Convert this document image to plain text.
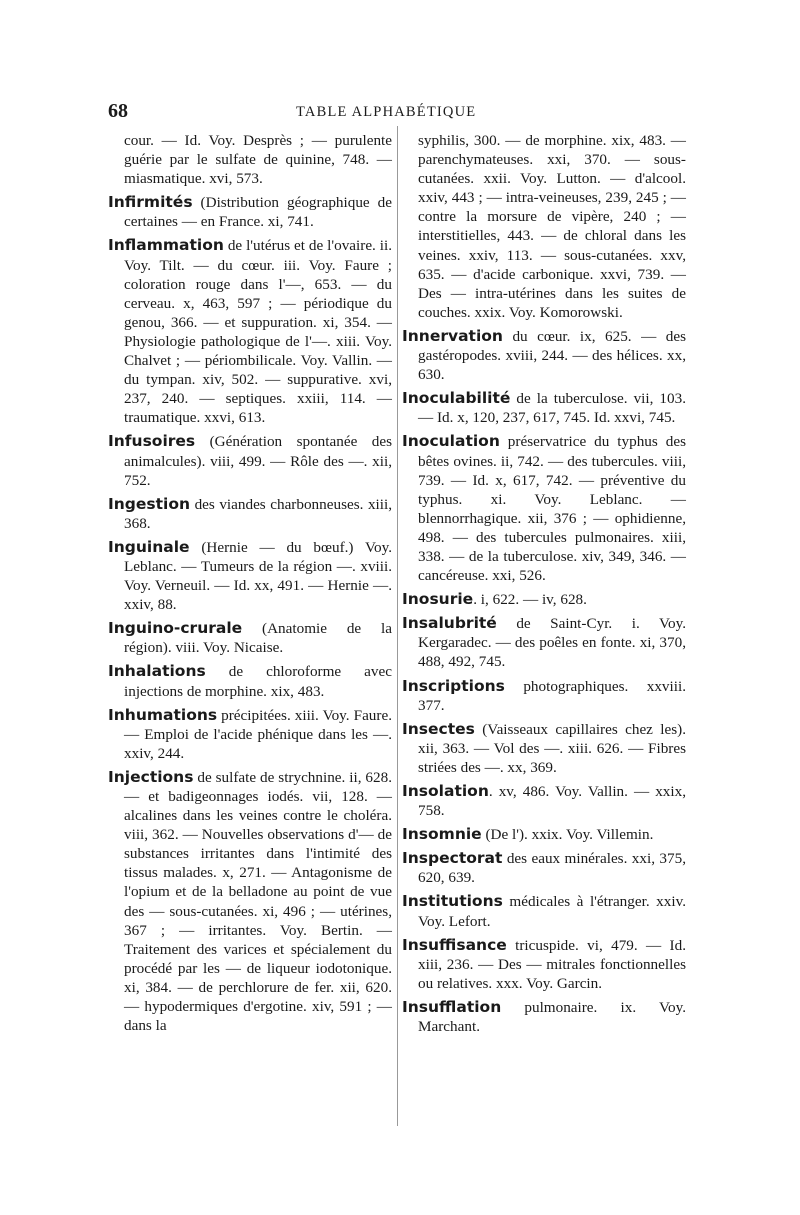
68	TABLE ALPHABÉTIQUE

cour. — Id. Voy. Desprès ; — purulente guérie par le sulfate de quinine, 748. — miasmatique. xvi, 573.

Infirmités (Distribution géographique de certaines — en France. xi, 741.

Inflammation de l'utérus et de l'ovaire. ii. Voy. Tilt. — du cœur. iii. Voy. Faure ; coloration rouge dans l'—, 653. — du cerveau. x, 463, 597 ; — périodique du genou, 366. — et suppuration. xi, 354. — Physiologie pathologique de l'—. xiii. Voy. Chalvet ; — périombilicale. Voy. Vallin. — du tympan. xiv, 502. — suppurative. xvi, 237, 240. — septiques. xxiii, 114. — traumatique. xxvi, 613.

Infusoires (Génération spontanée des animalcules). viii, 499. — Rôle des —. xii, 752.

Ingestion des viandes charbonneuses. xiii, 368.

Inguinale (Hernie — du bœuf.) Voy. Leblanc. — Tumeurs de la région —. xviii. Voy. Verneuil. — Id. xx, 491. — Hernie —. xxiv, 88.

Inguino-crurale (Anatomie de la région). viii. Voy. Nicaise.

Inhalations de chloroforme avec injections de morphine. xix, 483.

Inhumations précipitées. xiii. Voy. Faure. — Emploi de l'acide phénique dans les —. xxiv, 244.

Injections de sulfate de strychnine. ii, 628. — et badigeonnages iodés. vii, 128. — alcalines dans les veines contre le choléra. viii, 362. — Nouvelles observations d'— de substances irritantes dans l'intimité des tissus malades. x, 271. — Antagonisme de l'opium et de la belladone au point de vue des — sous-cutanées. xi, 496 ; — utérines, 367 ; — irritantes. Voy. Bertin. — Traitement des varices et spécialement du procédé par les — de liqueur iodotonique. xi, 384. — de perchlorure de fer. xii, 620. — hypodermiques d'ergotine. xiv, 591 ; — dans la

syphilis, 300. — de morphine. xix, 483. — parenchymateuses. xxi, 370. — sous-cutanées. xxii. Voy. Lutton. — d'alcool. xxiv, 443 ; — intra-veineuses, 239, 245 ; — contre la morsure de vipère, 240 ; — interstitielles, 443. — de chloral dans les veines. xxiv, 113. — sous-cutanées. xxv, 635. — d'acide carbonique. xxvi, 739. — Des — intra-utérines dans les suites de couches. xxix. Voy. Komorowski.

Innervation du cœur. ix, 625. — des gastéropodes. xviii, 244. — des hélices. xx, 630.

Inoculabilité de la tuberculose. vii, 103. — Id. x, 120, 237, 617, 745. Id. xxvi, 745.

Inoculation préservatrice du typhus des bêtes ovines. ii, 742. — des tubercules. viii, 739. — Id. x, 617, 742. — préventive du typhus. xi. Voy. Leblanc. — blennorrhagique. xii, 376 ; — ophidienne, 498. — des tubercules pulmonaires. xiii, 338. — de la tuberculose. xiv, 349, 346. — cancéreuse. xxi, 526.

Inosurie. i, 622. — iv, 628.

Insalubrité de Saint-Cyr. i. Voy. Kergaradec. — des poêles en fonte. xi, 370, 488, 492, 745.

Inscriptions photographiques. xxviii. 377.

Insectes (Vaisseaux capillaires chez les). xii, 363. — Vol des —. xiii. 626. — Fibres striées des —. xx, 369.

Insolation. xv, 486. Voy. Vallin. — xxix, 758.

Insomnie (De l'). xxix. Voy. Villemin.

Inspectorat des eaux minérales. xxi, 375, 620, 639.

Institutions médicales à l'étranger. xxiv. Voy. Lefort.

Insuffisance tricuspide. vi, 479. — Id. xiii, 236. — Des — mitrales fonctionnelles ou relatives. xxx. Voy. Garcin.

Insufflation pulmonaire. ix. Voy. Marchant.
